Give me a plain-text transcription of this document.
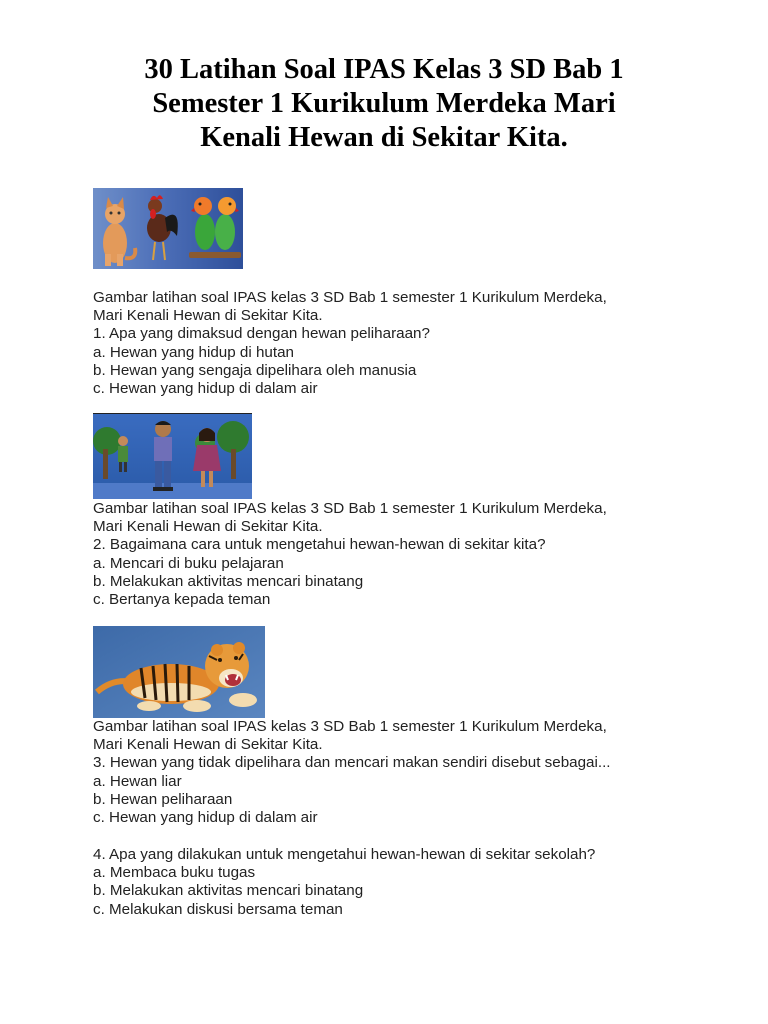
30 Latihan Soal IPAS Kelas 3 SD Bab 1
Semester 1 Kurikulum Merdeka Mari
Kenali Hewan di Sekitar Kita.
Gambar latihan soal IPAS kelas 3 SD Bab 1 semester 1 Kurikulum Merdeka,
Mari Kenali Hewan di Sekitar Kita.
1. Apa yang dimaksud dengan hewan peliharaan?
a. Hewan yang hidup di hutan
b. Hewan yang sengaja dipelihara oleh manusia
c. Hewan yang hidup di dalam air
Gambar latihan soal IPAS kelas 3 SD Bab 1 semester 1 Kurikulum Merdeka,
Mari Kenali Hewan di Sekitar Kita.
2. Bagaimana cara untuk mengetahui hewan-hewan di sekitar kita?
a. Mencari di buku pelajaran
b. Melakukan aktivitas mencari binatang
c. Bertanya kepada teman
Gambar latihan soal IPAS kelas 3 SD Bab 1 semester 1 Kurikulum Merdeka,
Mari Kenali Hewan di Sekitar Kita.
3. Hewan yang tidak dipelihara dan mencari makan sendiri disebut sebagai...
a. Hewan liar
b. Hewan peliharaan
c. Hewan yang hidup di dalam air
4. Apa yang dilakukan untuk mengetahui hewan-hewan di sekitar sekolah?
a. Membaca buku tugas
b. Melakukan aktivitas mencari binatang
c. Melakukan diskusi bersama teman
